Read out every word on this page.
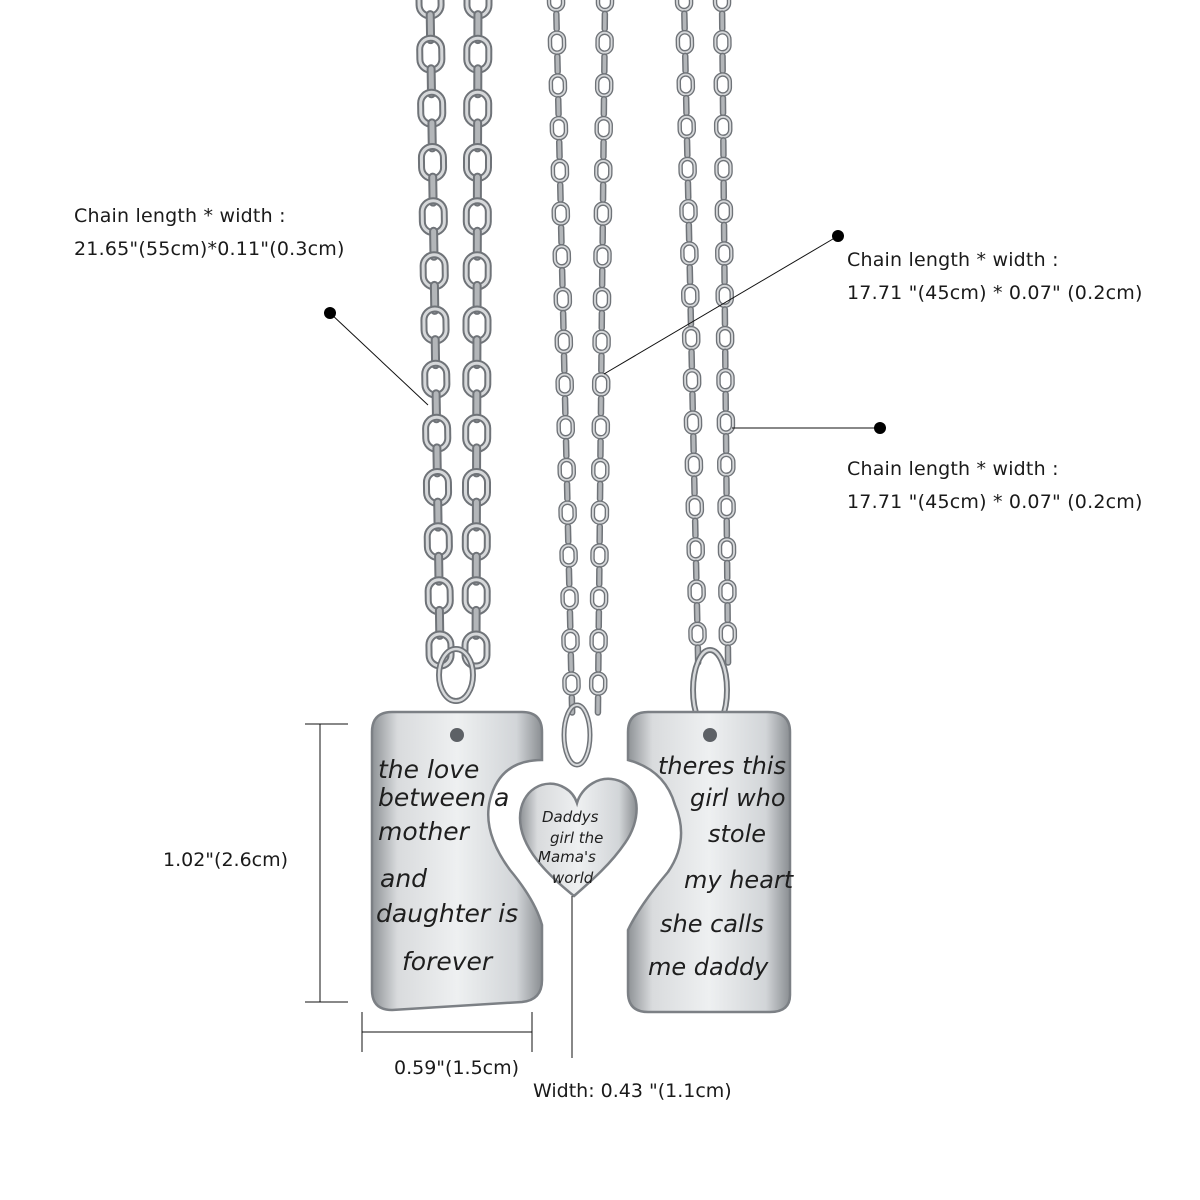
the love
between a
mother
and
daughter is
forever
Daddys
girl the
Mama's
world
theres this
girl who
stole
my heart
she calls
me daddy
Chain length * width :
21.65"(55cm)*0.11"(0.3cm)	Chain length * width :
17.71 "(45cm) * 0.07" (0.2cm)
Chain length * width :
17.71 "(45cm) * 0.07" (0.2cm)
1.02"(2.6cm)
0.59"(1.5cm)
Width: 0.43 "(1.1cm)
